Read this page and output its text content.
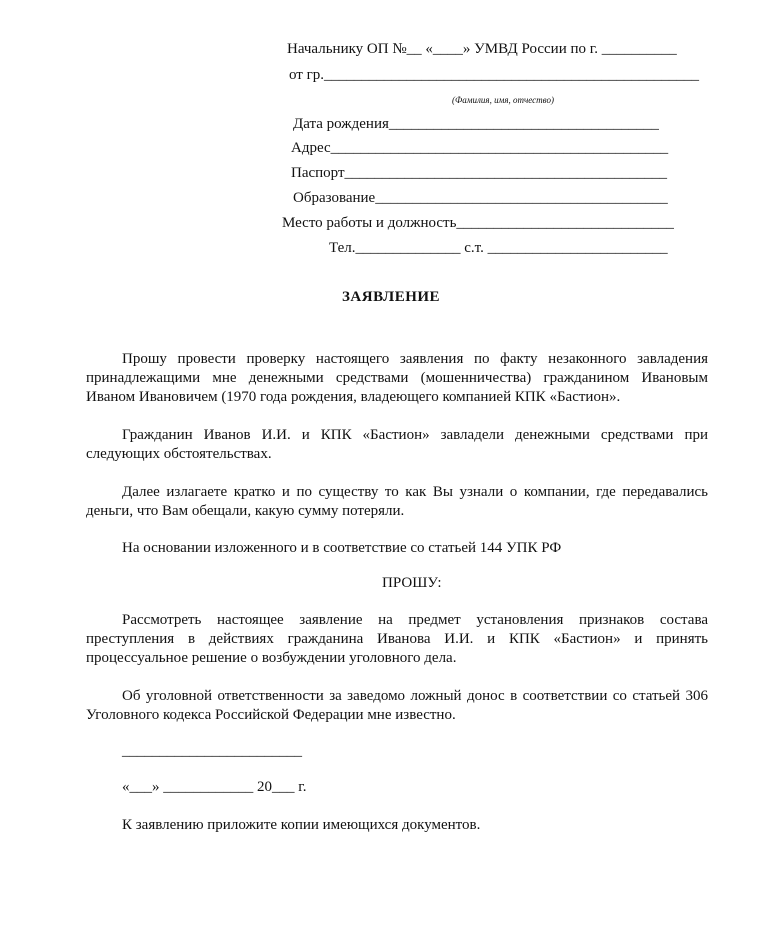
Начальнику ОП №__ «____» УМВД России по г. __________
от гр.__________________________________________________
(Фамилия, имя, отчество)
Дата рождения____________________________________
Адрес_____________________________________________
Паспорт___________________________________________
Образование_______________________________________
Место работы и должность_____________________________
Тел.______________ с.т. ________________________
ЗАЯВЛЕНИЕ
Прошу провести проверку настоящего заявления по факту незаконного завладения принадлежащими мне денежными средствами (мошенничества) гражданином Ивановым Иваном Ивановичем (1970 года рождения, владеющего компанией КПК «Бастион».
Гражданин Иванов И.И. и КПК «Бастион» завладели денежными средствами при следующих обстоятельствах.
Далее излагаете кратко и по существу то как Вы узнали о компании, где передавались деньги, что Вам обещали, какую сумму потеряли.
На основании изложенного и в соответствие со статьей 144 УПК РФ
ПРОШУ:
Рассмотреть настоящее заявление на предмет установления признаков состава преступления в действиях гражданина Иванова И.И. и КПК «Бастион» и принять процессуальное решение о возбуждении уголовного дела.
Об уголовной ответственности за заведомо ложный донос в соответствии со статьей 306 Уголовного кодекса Российской Федерации мне известно.
________________________
«___» ____________ 20___ г.
К заявлению приложите копии имеющихся документов.
